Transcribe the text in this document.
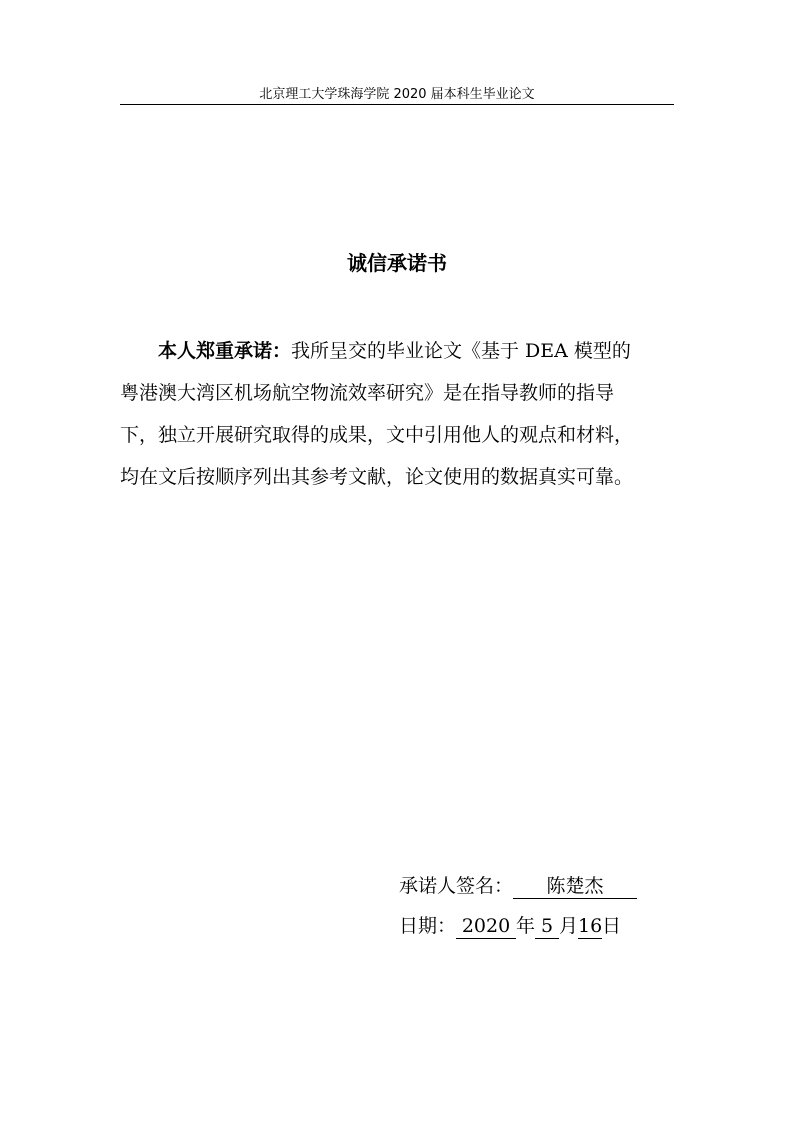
北京理工大学珠海学院 2020 届本科生毕业论文
诚信承诺书
本人郑重承诺：我所呈交的毕业论文《基于 DEA 模型的
粤港澳大湾区机场航空物流效率研究》是在指导教师的指导
下，独立开展研究取得的成果，文中引用他人的观点和材料，
均在文后按顺序列出其参考文献，论文使用的数据真实可靠。
承诺人签名： 陈楚杰
日期： 2020 年 5 月16日
